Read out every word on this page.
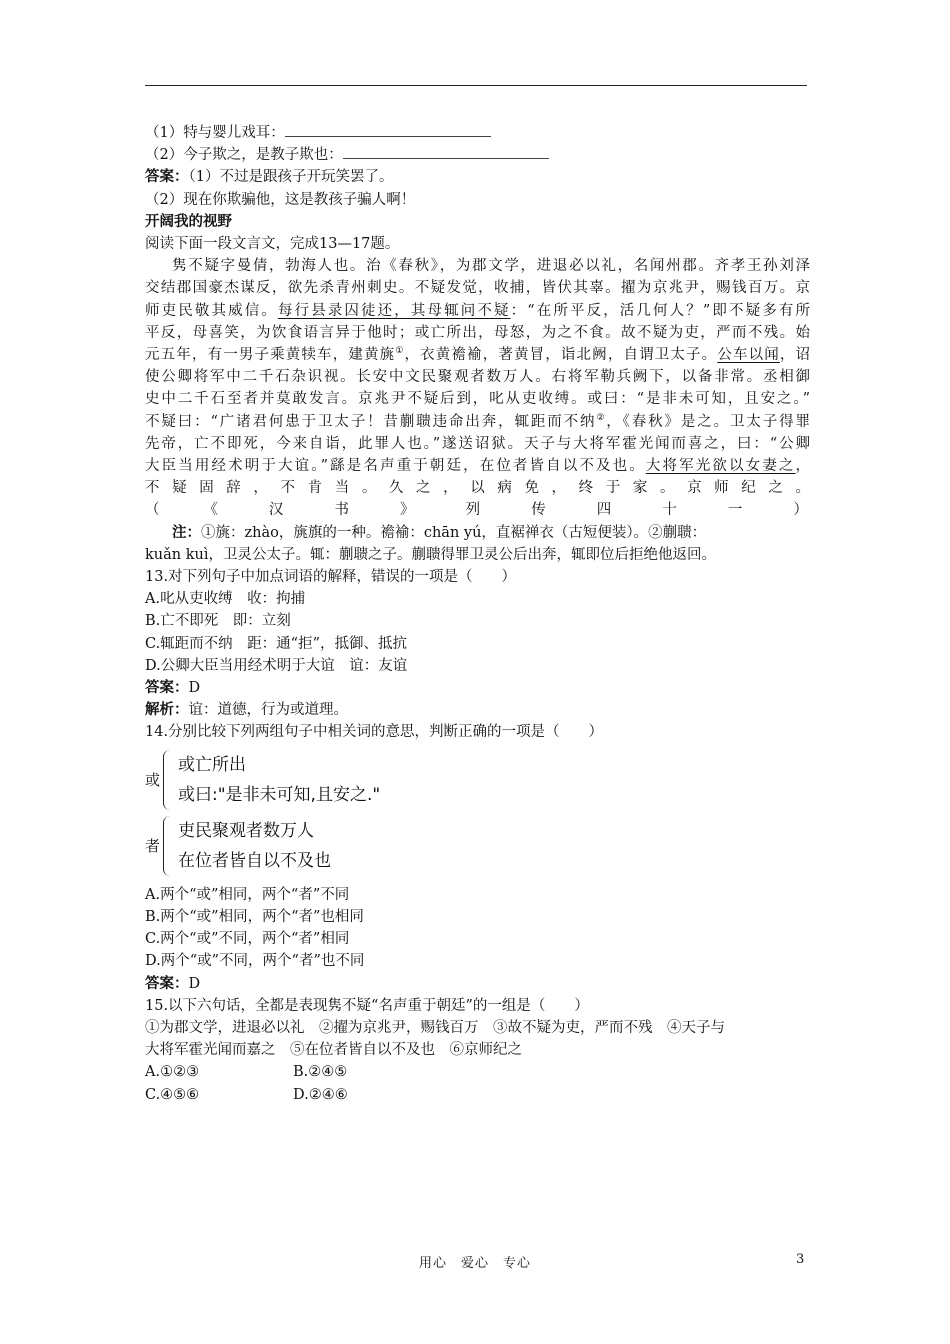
（1）特与婴儿戏耳：
（2）今子欺之，是教子欺也：
答案：（1）不过是跟孩子开玩笑罢了。
（2）现在你欺骗他，这是教孩子骗人啊！
开阔我的视野
阅读下面一段文言文，完成13—17题。
隽不疑字曼倩，勃海人也。治《春秋》，为郡文学，进退必以礼，名闻州郡。齐孝王孙刘泽
交结郡国豪杰谋反，欲先杀青州刺史。不疑发觉，收捕，皆伏其辜。擢为京兆尹，赐钱百万。京
师吏民敬其威信。每行县录囚徒还，其母辄问不疑：“在所平反，活几何人？”即不疑多有所
平反，母喜笑，为饮食语言异于他时；或亡所出，母怒，为之不食。故不疑为吏，严而不残。始
元五年，有一男子乘黄犊车，建黄旐①，衣黄襜褕，著黄冒，诣北阙，自谓卫太子。公车以闻，诏
使公卿将军中二千石杂识视。长安中文民聚观者数万人。右将军勒兵阙下，以备非常。丞相御
史中二千石至者并莫敢发言。京兆尹不疑后到，叱从吏收缚。或曰：“是非未可知，且安之。”
不疑曰：“广诸君何患于卫太子！昔蒯聩违命出奔，辄距而不纳②，《春秋》是之。卫太子得罪
先帝，亡不即死，今来自诣，此罪人也。”遂送诏狱。天子与大将军霍光闻而喜之，曰：“公卿
大臣当用经术明于大谊。”繇是名声重于朝廷，在位者皆自以不及也。大将军光欲以女妻之，
不疑固辞，不肯当。久之，以病免，终于家。京师纪之。
（《汉书》列传四十一）
注：①旐：zhào，旐旗的一种。襜褕：chān yú，直裾禅衣（古短便装）。②蒯聩：
kuǎn kuì，卫灵公太子。辄：蒯聩之子。蒯聩得罪卫灵公后出奔，辄即位后拒绝他返回。
13.对下列句子中加点词语的解释，错误的一项是（　　）
A.叱从吏收缚　收：拘捕
B.亡不即死　即：立刻
C.辄距而不纳　距：通“拒”，抵御、抵抗
D.公卿大臣当用经术明于大谊　谊：友谊
答案：D
解析：谊：道德，行为或道理。
14.分别比较下列两组句子中相关词的意思，判断正确的一项是（　　）
或
或亡所出
或曰:"是非未可知,且安之."
者
吏民聚观者数万人
在位者皆自以不及也
A.两个“或”相同，两个“者”不同
B.两个“或”相同，两个“者”也相同
C.两个“或”不同，两个“者”相同
D.两个“或”不同，两个“者”也不同
答案：D
15.以下六句话，全都是表现隽不疑“名声重于朝廷”的一组是（　　）
①为郡文学，进退必以礼　②擢为京兆尹，赐钱百万　③故不疑为吏，严而不残　④天子与
大将军霍光闻而嘉之　⑤在位者皆自以不及也　⑥京师纪之
A.①②③	B.②④⑤
C.④⑤⑥	D.②④⑥
用心　爱心　专心	3
